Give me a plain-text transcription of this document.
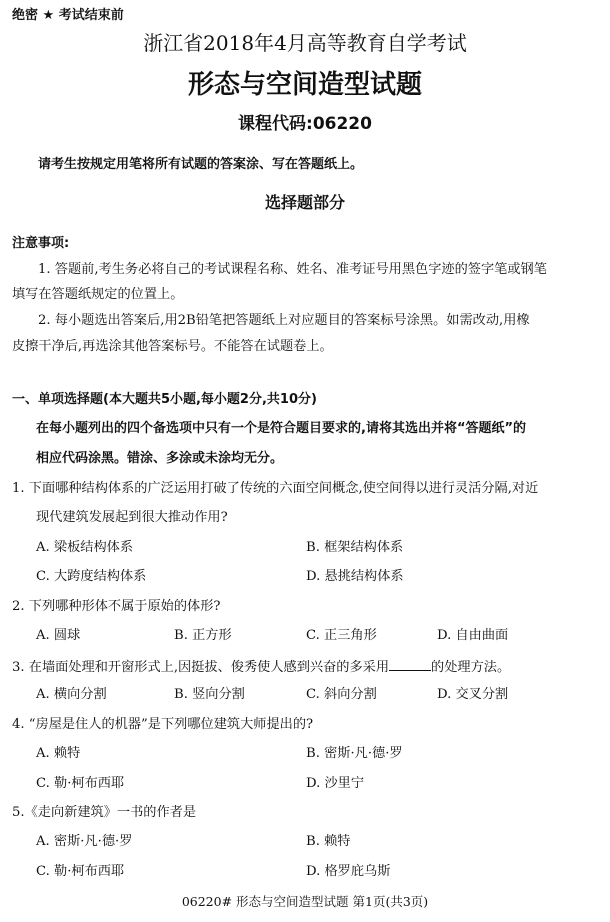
绝密 ★ 考试结束前
浙江省2018年4月高等教育自学考试
形态与空间造型试题
课程代码:06220
请考生按规定用笔将所有试题的答案涂、写在答题纸上。
选择题部分
注意事项:
1. 答题前,考生务必将自己的考试课程名称、姓名、准考证号用黑色字迹的签字笔或钢笔
填写在答题纸规定的位置上。
2. 每小题选出答案后,用2B铅笔把答题纸上对应题目的答案标号涂黑。如需改动,用橡
皮擦干净后,再选涂其他答案标号。不能答在试题卷上。
一、单项选择题(本大题共5小题,每小题2分,共10分)
在每小题列出的四个备选项中只有一个是符合题目要求的,请将其选出并将“答题纸”的
相应代码涂黑。错涂、多涂或未涂均无分。
1. 下面哪种结构体系的广泛运用打破了传统的六面空间概念,使空间得以进行灵活分隔,对近
现代建筑发展起到很大推动作用?
A. 梁板结构体系	B. 框架结构体系
C. 大跨度结构体系	D. 悬挑结构体系
2. 下列哪种形体不属于原始的体形?
A. 圆球	B. 正方形	C. 正三角形	D. 自由曲面
3. 在墙面处理和开窗形式上,因挺拔、俊秀使人感到兴奋的多采用	的处理方法。
A. 横向分割	B. 竖向分割	C. 斜向分割	D. 交叉分割
4. “房屋是住人的机器”是下列哪位建筑大师提出的?
A. 赖特	B. 密斯·凡·德·罗
C. 勒·柯布西耶	D. 沙里宁
5.《走向新建筑》一书的作者是
A. 密斯·凡·德·罗	B. 赖特
C. 勒·柯布西耶	D. 格罗庇乌斯
06220# 形态与空间造型试题 第1页(共3页)
